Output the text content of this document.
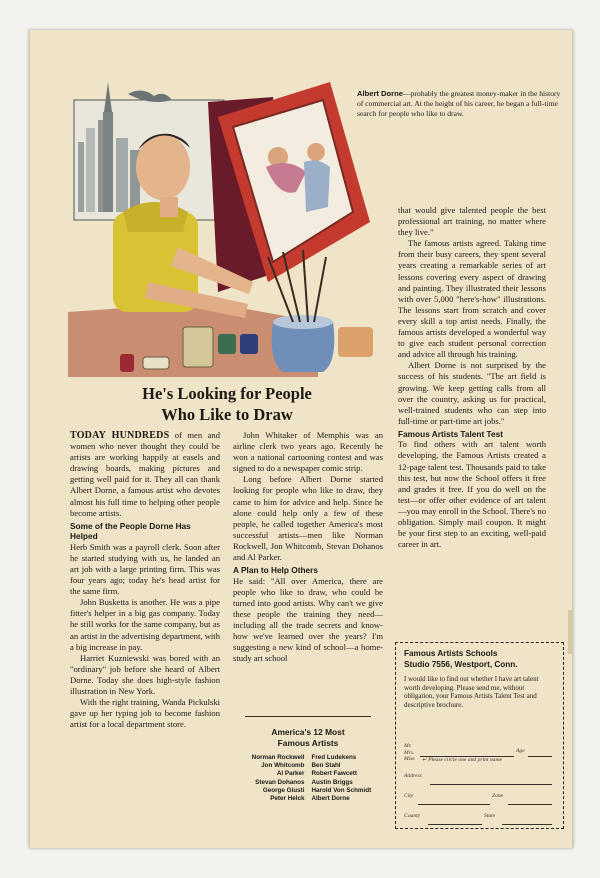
Albert Dorne—probably the greatest money-maker in the history of commercial art. At the height of his career, he began a full-time search for people who like to draw.
He's Looking for People
Who Like to Draw

TODAY HUNDREDS of men and women who never thought they could be artists are working happily at easels and drawing boards, making pictures and getting well paid for it. They all can thank Albert Dorne, a famous artist who devotes almost his full time to helping other people become artists.

Some of the People Dorne Has Helped

Herb Smith was a payroll clerk. Soon after he started studying with us, he landed an art job with a large printing firm. This was four years ago; today he's head artist for the same firm.

John Busketta is another. He was a pipe fitter's helper in a big gas company. Today he still works for the same company, but as an artist in the advertising department, with a big increase in pay.

Harriet Kuzniewski was bored with an "ordinary" job before she heard of Albert Dorne. Today she does high-style fashion illustration in New York.

With the right training, Wanda Pickulski gave up her typing job to become fashion artist for a local department store.

John Whitaker of Memphis was an airline clerk two years ago. Recently he won a national cartooning contest and was signed to do a newspaper comic strip.

Long before Albert Dorne started looking for people who like to draw, they came to him for advice and help. Since he alone could help only a few of these people, he called together America's most successful artists—men like Norman Rockwell, Jon Whitcomb, Stevan Dohanos and Al Parker.

A Plan to Help Others

He said: "All over America, there are people who like to draw, who could be turned into good artists. Why can't we give these people the training they need—including all the trade secrets and know-how we've learned over the years? I'm suggesting a new kind of school—a home-study art school

America's 12 Most
Famous Artists
Norman Rockwell
Jon Whitcomb
Al Parker
Stevan Dohanos
George Giusti
Peter Helck
Fred Ludekens
Ben Stahl
Robert Fawcett
Austin Briggs
Harold Von Schmidt
Albert Dorne

that would give talented people the best professional art training, no matter where they live."

The famous artists agreed. Taking time from their busy careers, they spent several years creating a remarkable series of art lessons covering every aspect of drawing and painting. They illustrated their lessons with over 5,000 "here's-how" illustrations. The lessons start from scratch and cover every skill a top artist needs. Finally, the famous artists developed a wonderful way to give each student personal correction and advice all through his training.

Albert Dorne is not surprised by the success of his students. "The art field is growing. We keep getting calls from all over the country, asking us for practical, well-trained students who can step into full-time or part-time art jobs."

Famous Artists Talent Test

To find others with art talent worth developing, the Famous Artists created a 12-page talent test. Thousands paid to take this test, but now the School offers it free and grades it free. If you do well on the test—or offer other evidence of art talent—you may enroll in the School. There's no obligation. Simply mail coupon. It might be your first step to an exciting, well-paid career in art.

Famous Artists Schools
Studio 7556, Westport, Conn.
I would like to find out whether I have art talent worth developing. Please send me, without obligation, your Famous Artists Talent Test and descriptive brochure.
Mr.
Mrs.
Miss ↵ Please circle one and print name
Age
Address
City	Zone
County	State
